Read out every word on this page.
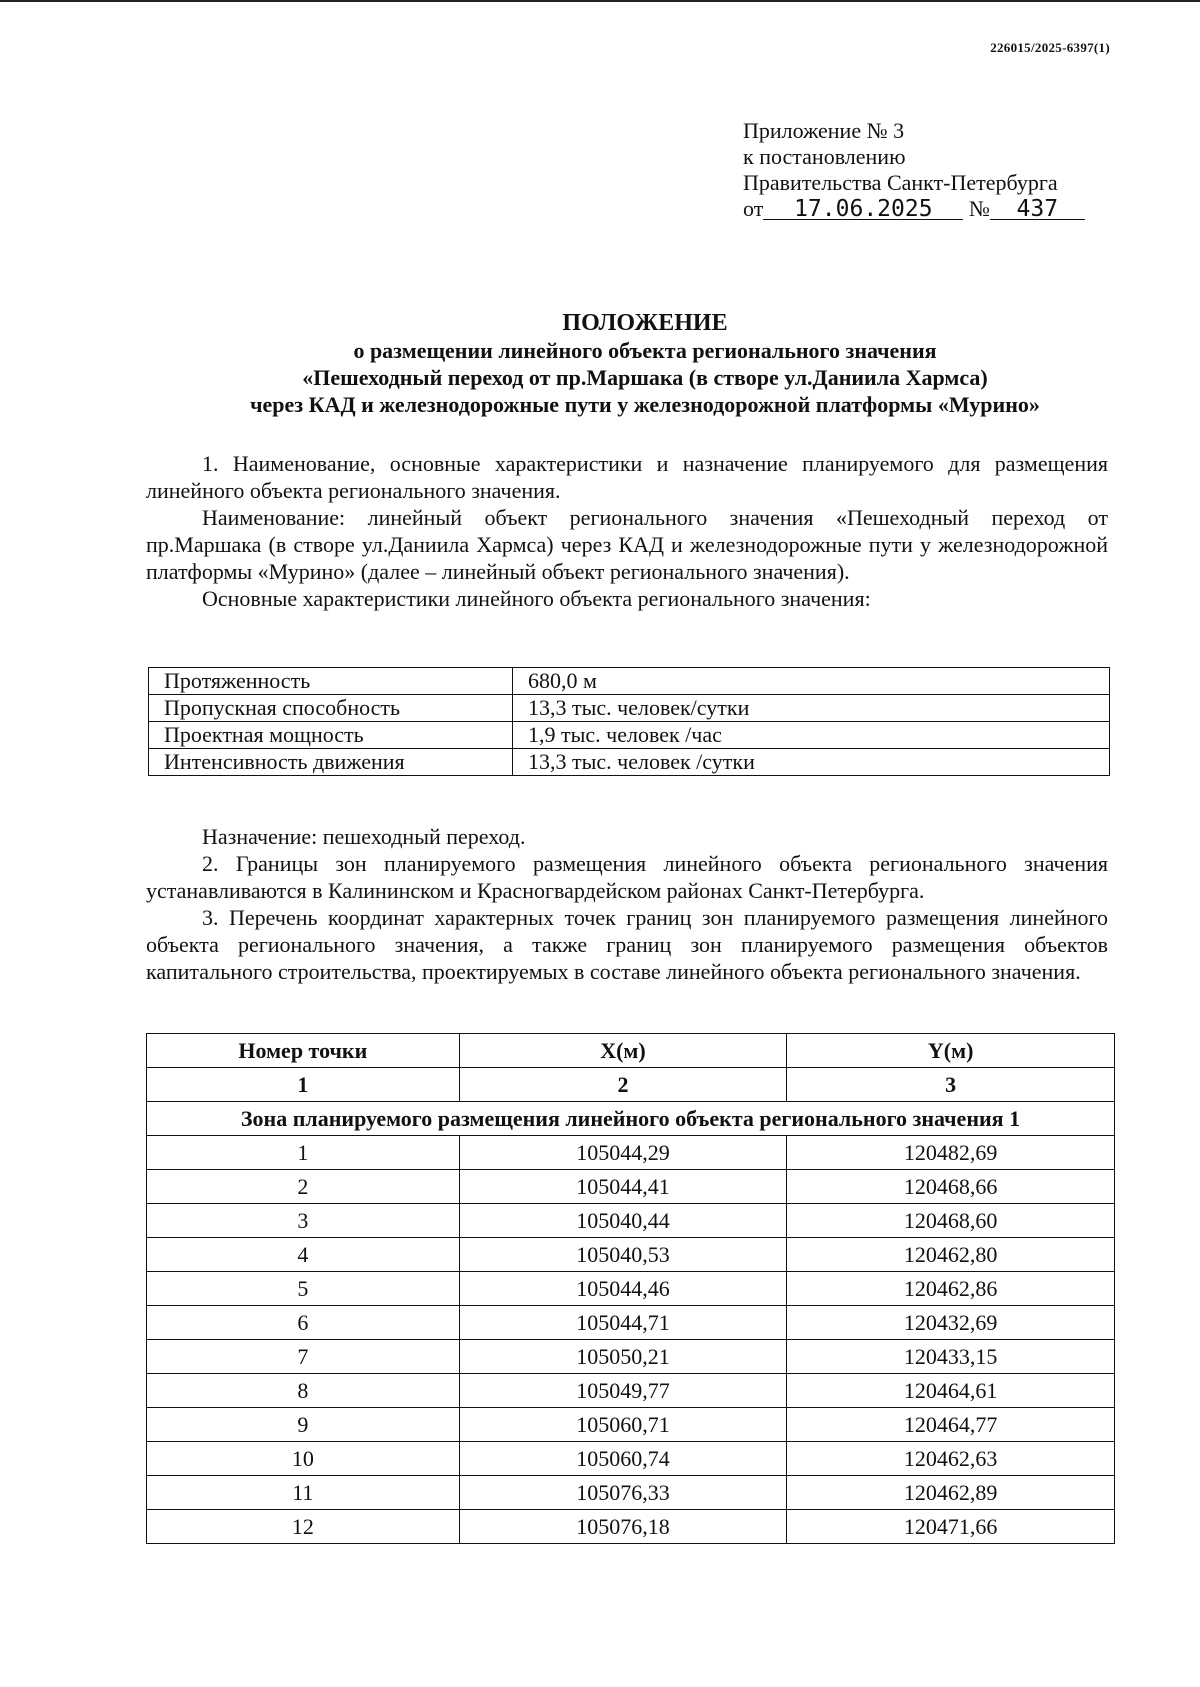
226015/2025-6397(1)
Приложение № 3
к постановлению
Правительства Санкт-Петербурга
от 17.06.2025 № 437
ПОЛОЖЕНИЕ
о размещении линейного объекта регионального значения
«Пешеходный переход от пр.Маршака (в створе ул.Даниила Хармса)
через КАД и железнодорожные пути у железнодорожной платформы «Мурино»

1. Наименование, основные характеристики и назначение планируемого для размещения линейного объекта регионального значения.

Наименование: линейный объект регионального значения «Пешеходный переход от пр.Маршака (в створе ул.Даниила Хармса) через КАД и железнодорожные пути у железнодорожной платформы «Мурино» (далее – линейный объект регионального значения).

Основные характеристики линейного объекта регионального значения:

Протяженность	680,0 м
Пропускная способность	13,3 тыс. человек/сутки
Проектная мощность	1,9 тыс. человек /час
Интенсивность движения	13,3 тыс. человек /сутки

Назначение: пешеходный переход.

2. Границы зон планируемого размещения линейного объекта регионального значения устанавливаются в Калининском и Красногвардейском районах Санкт-Петербурга.

3. Перечень координат характерных точек границ зон планируемого размещения линейного объекта регионального значения, а также границ зон планируемого размещения объектов капитального строительства, проектируемых в составе линейного объекта регионального значения.

Номер точки	X(м)	Y(м)
1	2	3
Зона планируемого размещения линейного объекта регионального значения 1		
1	105044,29	120482,69
2	105044,41	120468,66
3	105040,44	120468,60
4	105040,53	120462,80
5	105044,46	120462,86
6	105044,71	120432,69
7	105050,21	120433,15
8	105049,77	120464,61
9	105060,71	120464,77
10	105060,74	120462,63
11	105076,33	120462,89
12	105076,18	120471,66
